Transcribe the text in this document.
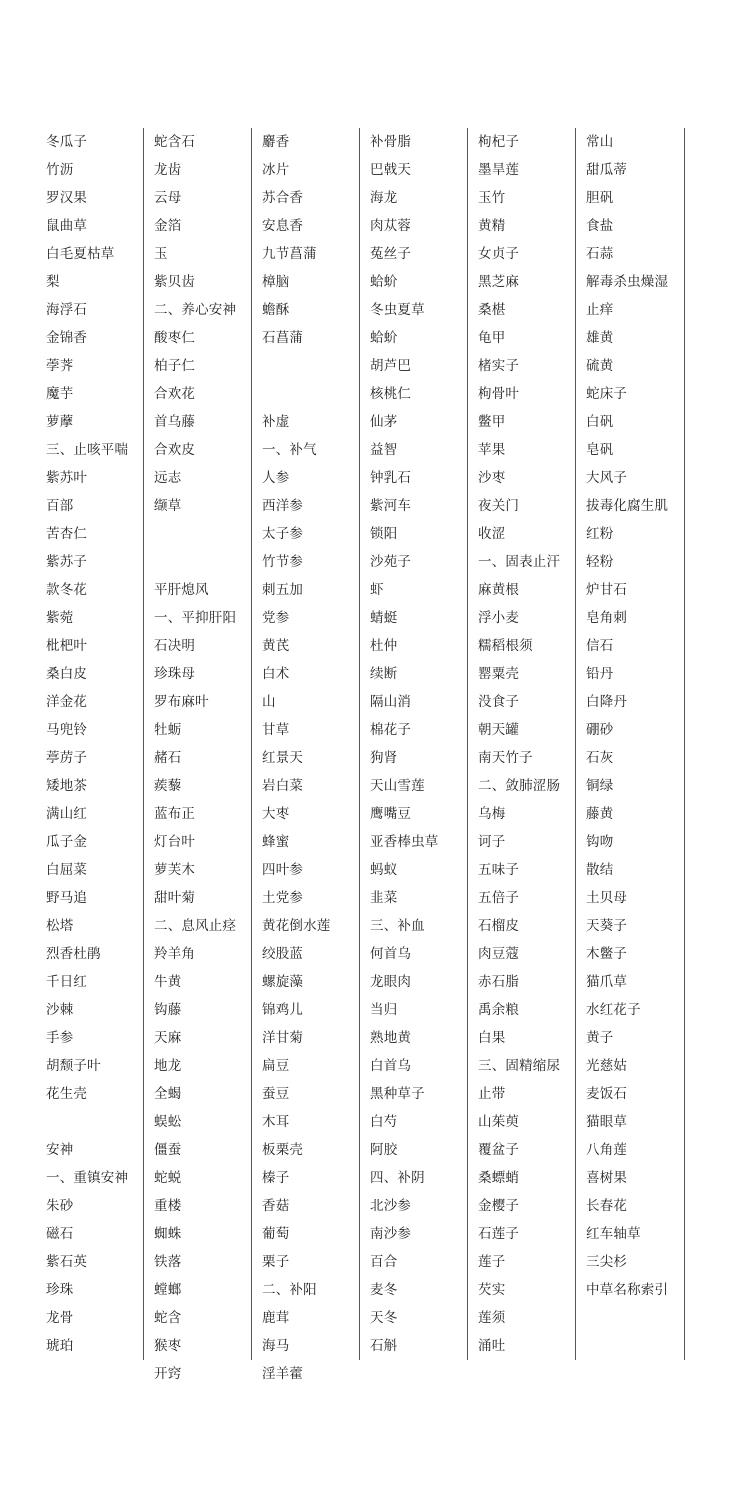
冬瓜子
竹沥
罗汉果
鼠曲草
白毛夏枯草
梨
海浮石
金锦香
荸荠
魔芋
萝藦
三、止咳平喘
紫苏叶
百部
苦杏仁
紫苏子
款冬花
紫菀
枇杷叶
桑白皮
洋金花
马兜铃
葶苈子
矮地茶
满山红
瓜子金
白屈菜
野马追
松塔
烈香杜鹃
千日红
沙棘
手参
胡颓子叶
花生壳
安神
一、重镇安神
朱砂
磁石
紫石英
珍珠
龙骨
琥珀
蛇含石
龙齿
云母
金箔
玉
紫贝齿
二、养心安神
酸枣仁
柏子仁
合欢花
首乌藤
合欢皮
远志
缬草
平肝熄风
一、平抑肝阳
石决明
珍珠母
罗布麻叶
牡蛎
赭石
蒺藜
蓝布正
灯台叶
萝芙木
甜叶菊
二、息风止痉
羚羊角
牛黄
钩藤
天麻
地龙
全蝎
蜈蚣
僵蚕
蛇蜕
重楼
蜘蛛
铁落
螳螂
蛇含
猴枣
开窍
麝香
冰片
苏合香
安息香
九节菖蒲
樟脑
蟾酥
石菖蒲
补虚
一、补气
人参
西洋参
太子参
竹节参
刺五加
党参
黄芪
白术
山
甘草
红景天
岩白菜
大枣
蜂蜜
四叶参
土党参
黄花倒水莲
绞股蓝
螺旋藻
锦鸡儿
洋甘菊
扁豆
蚕豆
木耳
板栗壳
榛子
香菇
葡萄
栗子
二、补阳
鹿茸
海马
淫羊藿
补骨脂
巴戟天
海龙
肉苁蓉
菟丝子
蛤蚧
冬虫夏草
蛤蚧
胡芦巴
核桃仁
仙茅
益智
钟乳石
紫河车
锁阳
沙苑子
虾
蜻蜓
杜仲
续断
隔山消
棉花子
狗肾
天山雪莲
鹰嘴豆
亚香棒虫草
蚂蚁
韭菜
三、补血
何首乌
龙眼肉
当归
熟地黄
白首乌
黑种草子
白芍
阿胶
四、补阴
北沙参
南沙参
百合
麦冬
天冬
石斛
枸杞子
墨旱莲
玉竹
黄精
女贞子
黑芝麻
桑椹
龟甲
楮实子
枸骨叶
鳖甲
苹果
沙枣
夜关门
收涩
一、固表止汗
麻黄根
浮小麦
糯稻根须
罂粟壳
没食子
朝天罐
南天竹子
二、敛肺涩肠
乌梅
诃子
五味子
五倍子
石榴皮
肉豆蔻
赤石脂
禹余粮
白果
三、固精缩尿
止带
山茱萸
覆盆子
桑螵蛸
金樱子
石莲子
莲子
芡实
莲须
涌吐
常山
甜瓜蒂
胆矾
食盐
石蒜
解毒杀虫燥湿
止痒
雄黄
硫黄
蛇床子
白矾
皂矾
大风子
拔毒化腐生肌
红粉
轻粉
炉甘石
皂角刺
信石
铅丹
白降丹
硼砂
石灰
铜绿
藤黄
钩吻
散结
土贝母
天葵子
木鳖子
猫爪草
水红花子
黄子
光慈姑
麦饭石
猫眼草
八角莲
喜树果
长春花
红车轴草
三尖杉
中草名称索引
